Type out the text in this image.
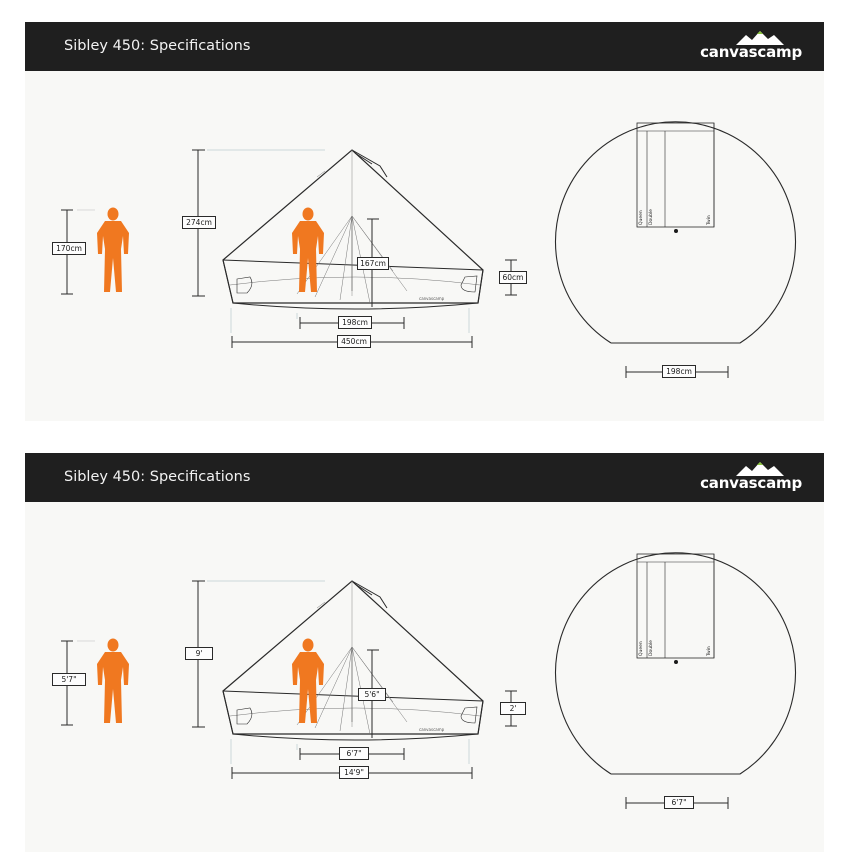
Sibley 450: Specifications	canvascamp
canvascamp
170cm
274cm
167cm
60cm
198cm
450cm
198cm
Queen Double	Twin
Sibley 450: Specifications	canvascamp
canvascamp
5'7"
9'
5'6"
2'
6'7"
14'9"
6'7"
Queen Double	Twin
